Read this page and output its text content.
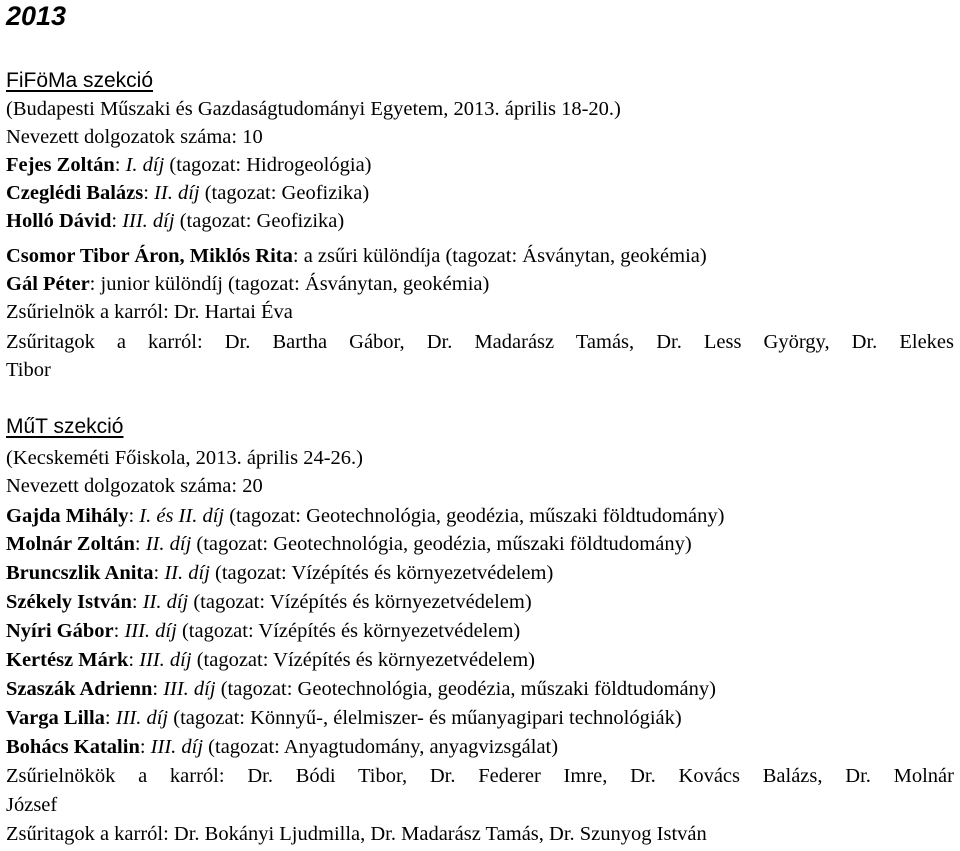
2013
FiFöMa szekció
(Budapesti Műszaki és Gazdaságtudományi Egyetem, 2013. április 18-20.)
Nevezett dolgozatok száma: 10
Fejes Zoltán: I. díj (tagozat: Hidrogeológia)
Czeglédi Balázs: II. díj (tagozat: Geofizika)
Holló Dávid: III. díj (tagozat: Geofizika)
Csomor Tibor Áron, Miklós Rita: a zsűri különdíja (tagozat: Ásványtan, geokémia)
Gál Péter: junior különdíj (tagozat: Ásványtan, geokémia)
Zsűrielnök a karról: Dr. Hartai Éva
Zsűritagok a karról: Dr. Bartha Gábor, Dr. Madarász Tamás, Dr. Less György, Dr. Elekes
Tibor
MűT szekció
(Kecskeméti Főiskola, 2013. április 24-26.)
Nevezett dolgozatok száma: 20
Gajda Mihály: I. és II. díj (tagozat: Geotechnológia, geodézia, műszaki földtudomány)
Molnár Zoltán: II. díj (tagozat: Geotechnológia, geodézia, műszaki földtudomány)
Bruncszlik Anita: II. díj (tagozat: Vízépítés és környezetvédelem)
Székely István: II. díj (tagozat: Vízépítés és környezetvédelem)
Nyíri Gábor: III. díj (tagozat: Vízépítés és környezetvédelem)
Kertész Márk: III. díj (tagozat: Vízépítés és környezetvédelem)
Szaszák Adrienn: III. díj (tagozat: Geotechnológia, geodézia, műszaki földtudomány)
Varga Lilla: III. díj (tagozat: Könnyű-, élelmiszer- és műanyagipari technológiák)
Bohács Katalin: III. díj (tagozat: Anyagtudomány, anyagvizsgálat)
Zsűrielnökök a karról: Dr. Bódi Tibor, Dr. Federer Imre, Dr. Kovács Balázs, Dr. Molnár
József
Zsűritagok a karról: Dr. Bokányi Ljudmilla, Dr. Madarász Tamás, Dr. Szunyog István
